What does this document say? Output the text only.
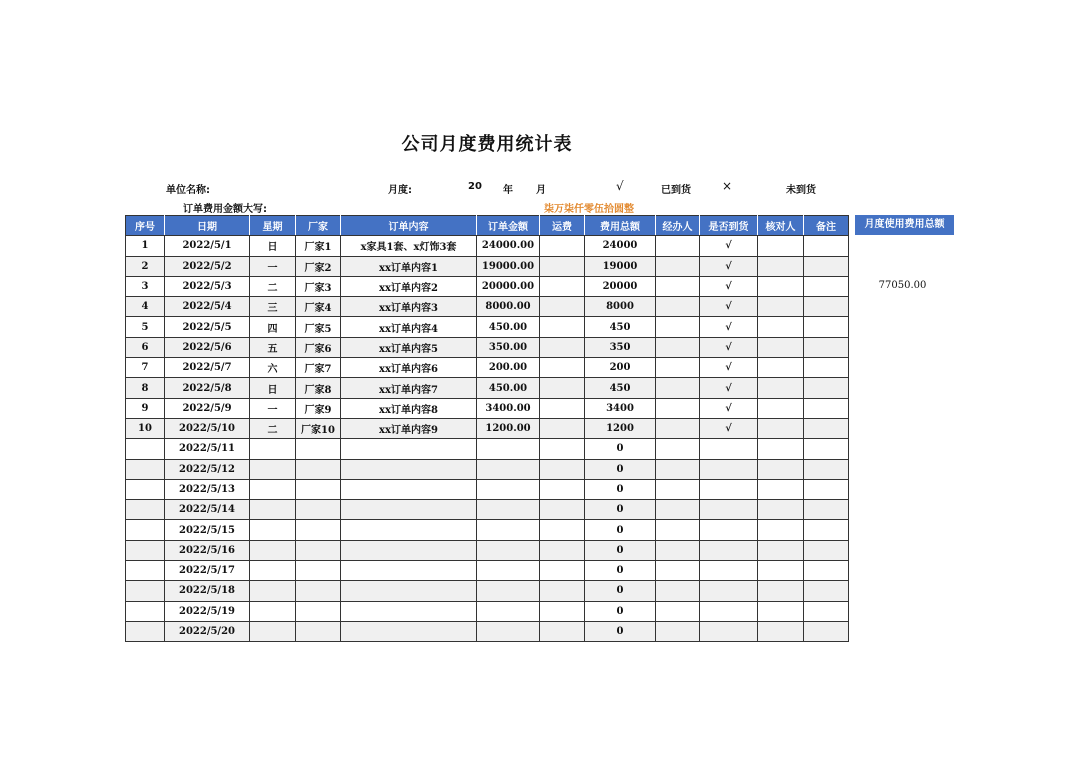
公司月度费用统计表
单位名称:	月度:	20 年 月	√	已到货	×	未到货
订单费用金额大写:	柒万柒仟零伍拾圆整
序号	日期	星期	厂家	订单内容	订单金额	运费	费用总额	经办人	是否到货	核对人	备注
1	2022/5/1	日	厂家1	x家具1套、x灯饰3套	24000.00		24000		√		
2	2022/5/2	一	厂家2	xx订单内容1	19000.00		19000		√		
3	2022/5/3	二	厂家3	xx订单内容2	20000.00		20000		√		
4	2022/5/4	三	厂家4	xx订单内容3	8000.00		8000		√		
5	2022/5/5	四	厂家5	xx订单内容4	450.00		450		√		
6	2022/5/6	五	厂家6	xx订单内容5	350.00		350		√		
7	2022/5/7	六	厂家7	xx订单内容6	200.00		200		√		
8	2022/5/8	日	厂家8	xx订单内容7	450.00		450		√		
9	2022/5/9	一	厂家9	xx订单内容8	3400.00		3400		√		
10	2022/5/10	二	厂家10	xx订单内容9	1200.00		1200		√		
	2022/5/11						0				
	2022/5/12						0				
	2022/5/13						0				
	2022/5/14						0				
	2022/5/15						0				
	2022/5/16						0				
	2022/5/17						0				
	2022/5/18						0				
	2022/5/19						0				
	2022/5/20						0				
月度使用费用总额
77050.00
